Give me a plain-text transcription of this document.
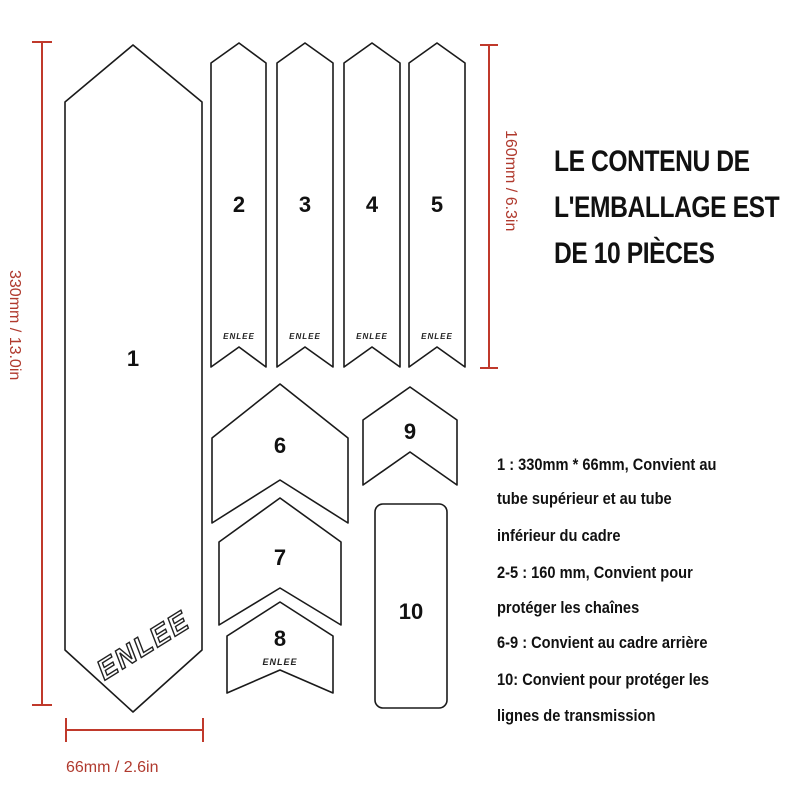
330mm / 13.0in
160mm / 6.3in
66mm / 2.6in
1
ENLEE
2
ENLEE
3
ENLEE
4
ENLEE
5
ENLEE
6
7
8
ENLEE
9
10
LE CONTENU DE
L'EMBALLAGE EST
DE 10 PIÈCES
1 : 330mm * 66mm, Convient au
tube supérieur et au tube
inférieur du cadre
2-5 : 160 mm, Convient pour
protéger les chaînes
6-9 : Convient au cadre arrière
10: Convient pour protéger les
lignes de transmission
